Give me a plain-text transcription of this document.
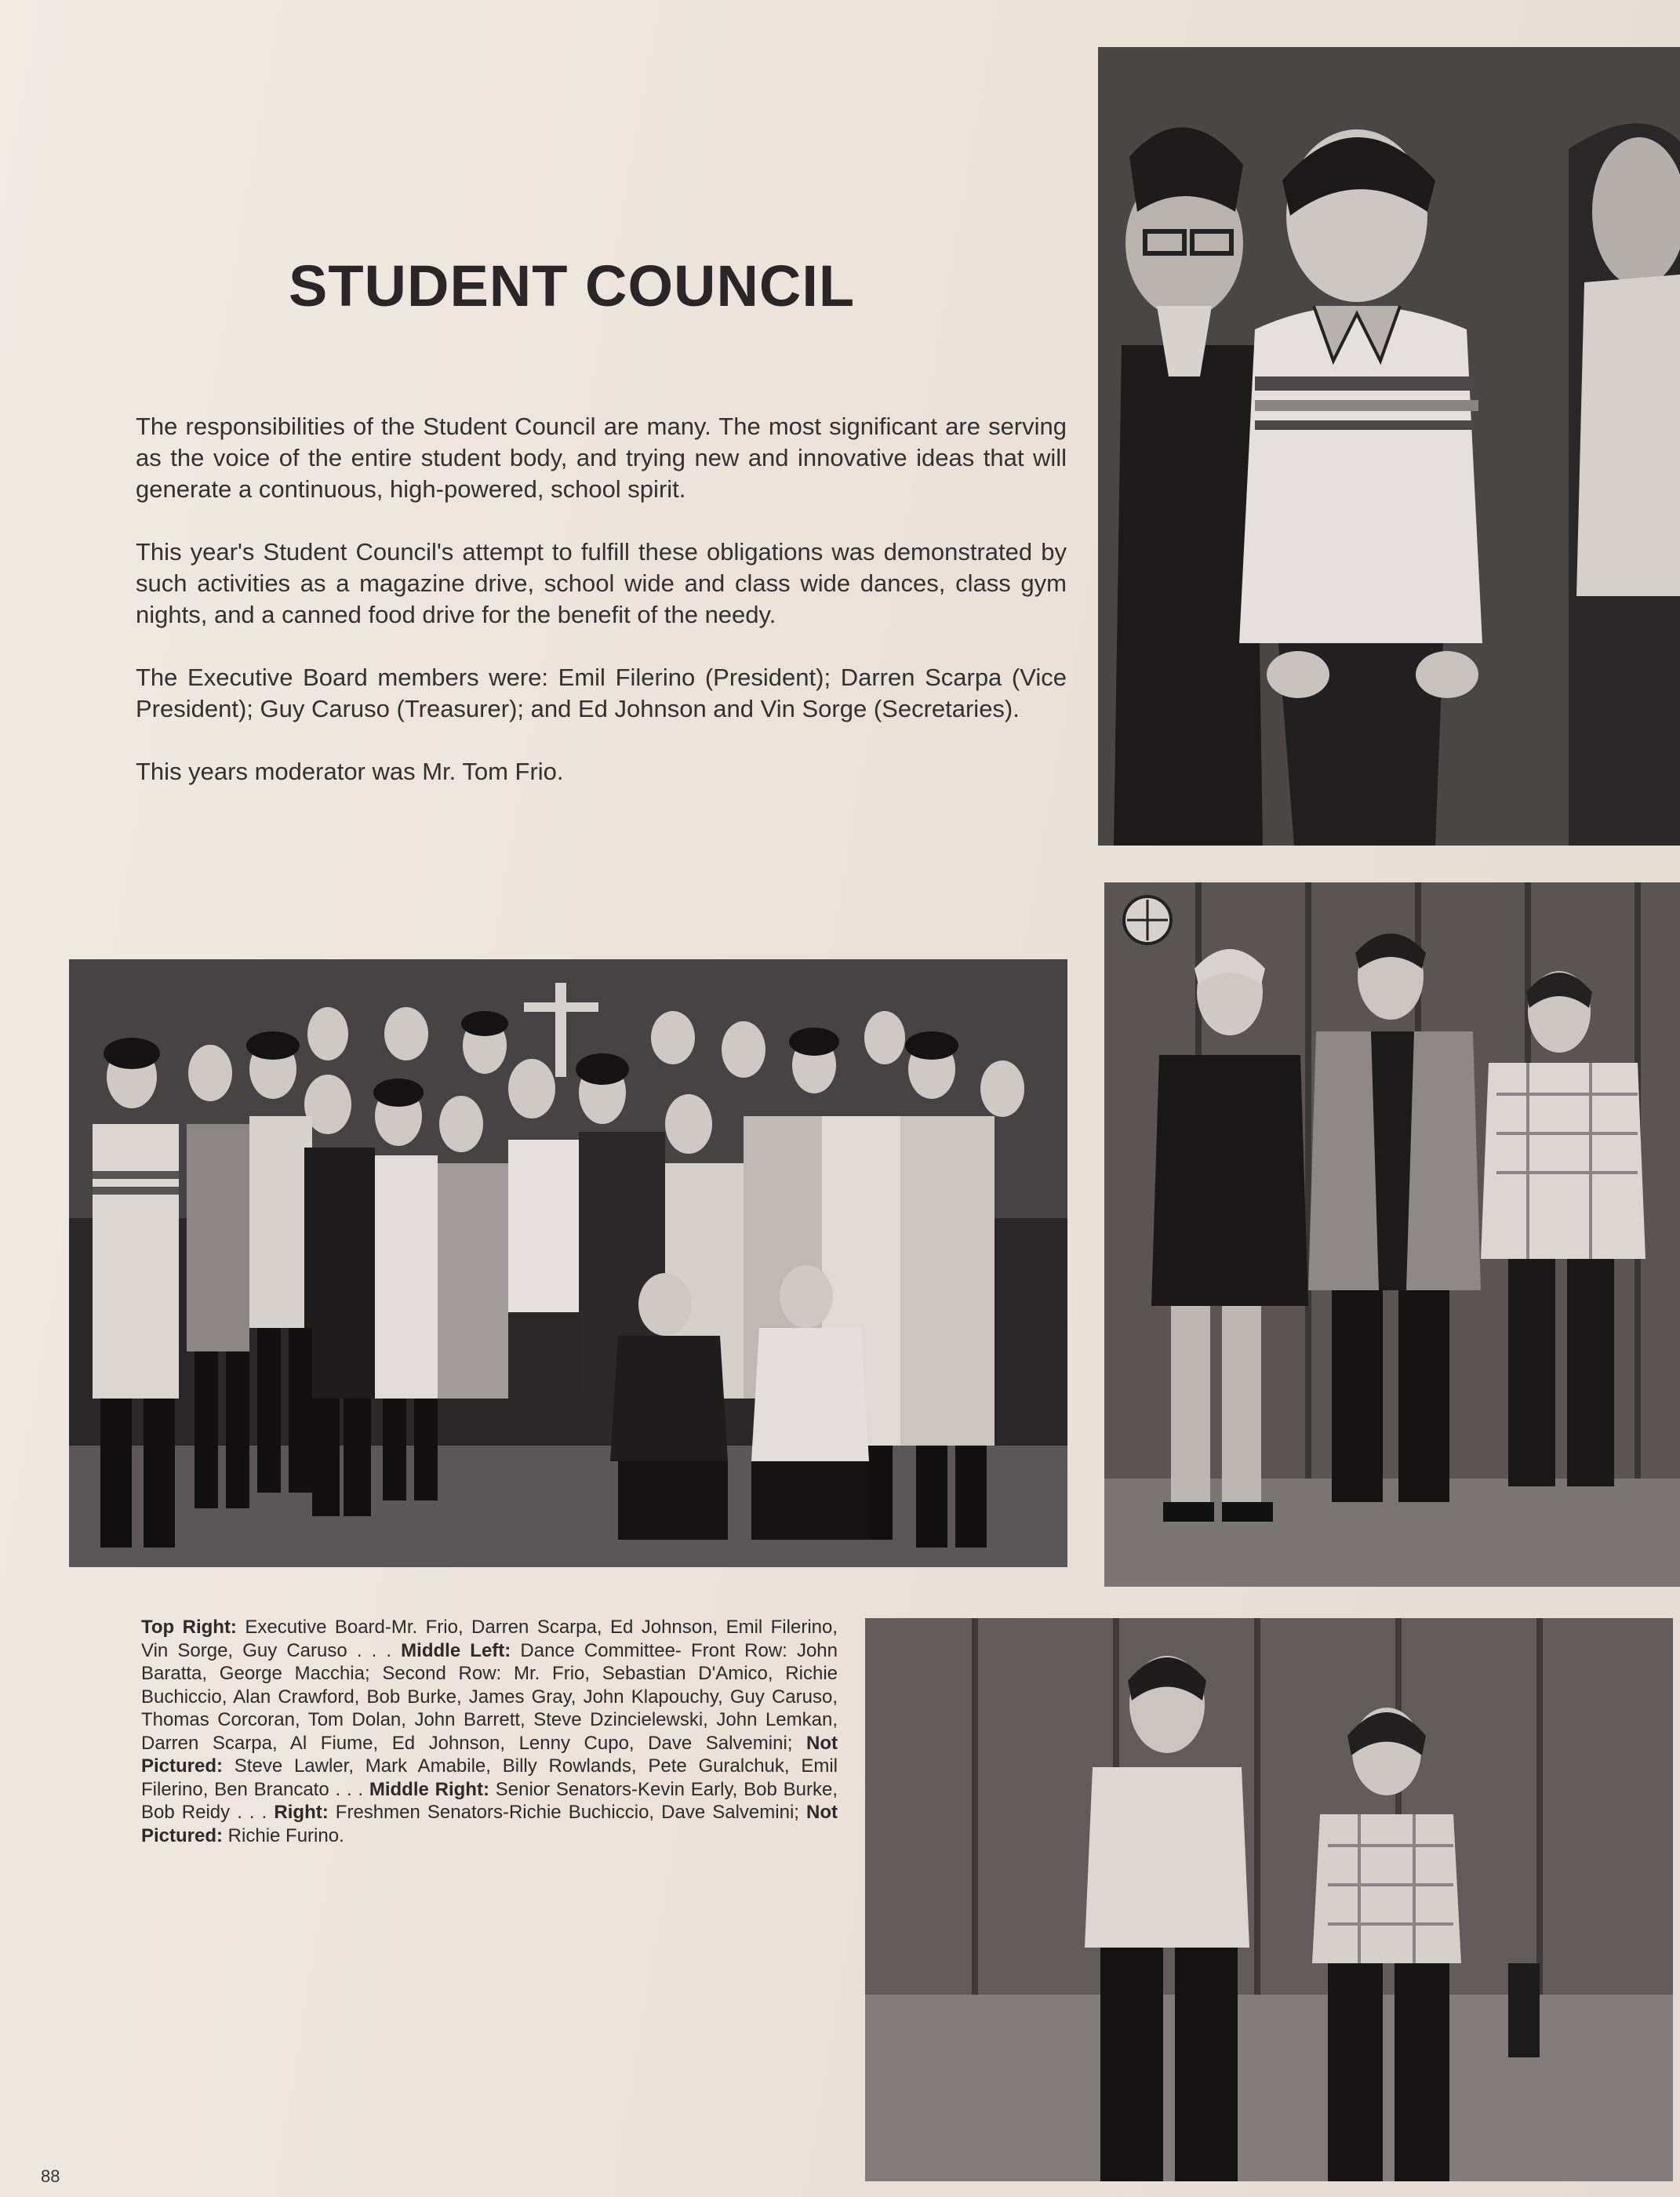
STUDENT COUNCIL

The responsibilities of the Student Council are many. The most significant are serving as the voice of the entire student body, and trying new and innovative ideas that will generate a continuous, high-powered, school spirit.

This year's Student Council's attempt to fulfill these obligations was demonstrated by such activities as a magazine drive, school wide and class wide dances, class gym nights, and a canned food drive for the benefit of the needy.

The Executive Board members were: Emil Filerino (President); Darren Scarpa (Vice President); Guy Caruso (Treasurer); and Ed Johnson and Vin Sorge (Secretaries).

This years moderator was Mr. Tom Frio.

Top Right: Executive Board-Mr. Frio, Darren Scarpa, Ed Johnson, Emil Filerino, Vin Sorge, Guy Caruso . . . Middle Left: Dance Committee- Front Row: John Baratta, George Macchia; Second Row: Mr. Frio, Sebastian D'Amico, Richie Buchiccio, Alan Crawford, Bob Burke, James Gray, John Klapouchy, Guy Caruso, Thomas Corcoran, Tom Dolan, John Barrett, Steve Dzincielewski, John Lemkan, Darren Scarpa, Al Fiume, Ed Johnson, Lenny Cupo, Dave Salvemini; Not Pictured: Steve Lawler, Mark Amabile, Billy Rowlands, Pete Guralchuk, Emil Filerino, Ben Brancato . . . Middle Right: Senior Senators-Kevin Early, Bob Burke, Bob Reidy . . . Right: Freshmen Senators-Richie Buchiccio, Dave Salvemini; Not Pictured: Richie Furino.
88
